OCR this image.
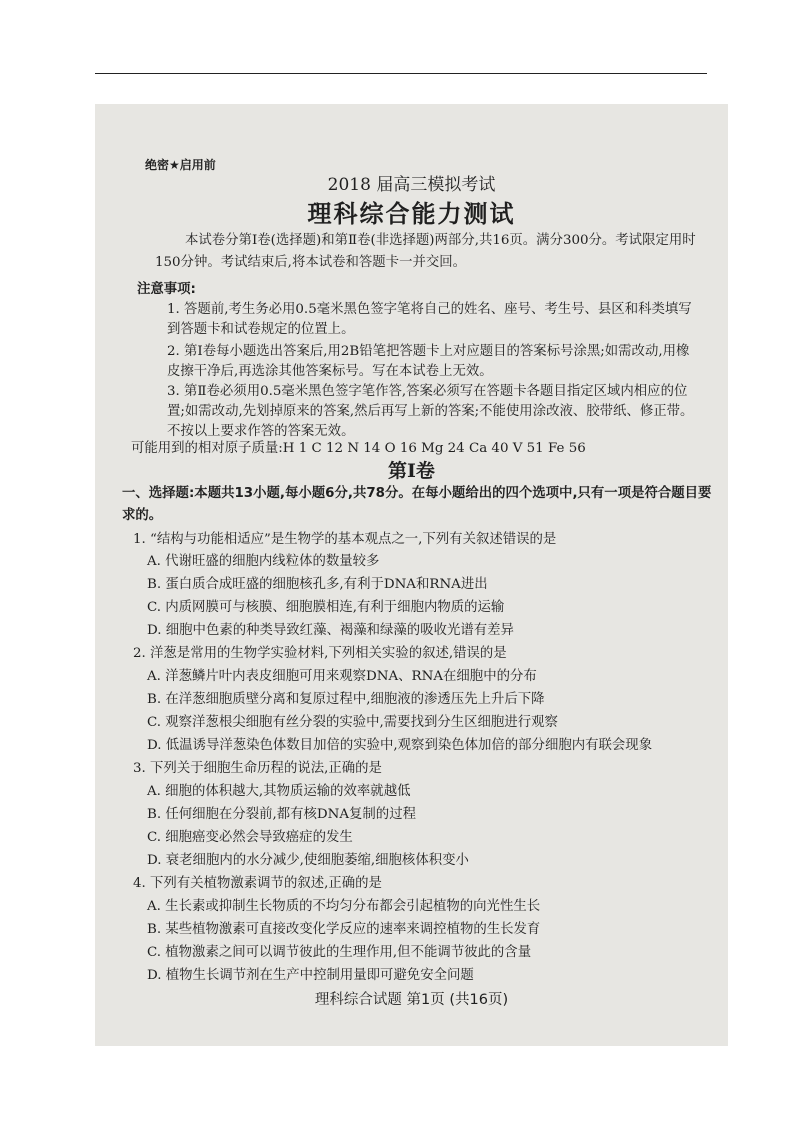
绝密★启用前
2018 届高三模拟考试
理科综合能力测试
本试卷分第Ⅰ卷(选择题)和第Ⅱ卷(非选择题)两部分,共16页。满分300分。考试限定用时150分钟。考试结束后,将本试卷和答题卡一并交回。
注意事项:
1. 答题前,考生务必用0.5毫米黑色签字笔将自己的姓名、座号、考生号、县区和科类填写到答题卡和试卷规定的位置上。
2. 第Ⅰ卷每小题选出答案后,用2B铅笔把答题卡上对应题目的答案标号涂黑;如需改动,用橡皮擦干净后,再选涂其他答案标号。写在本试卷上无效。
3. 第Ⅱ卷必须用0.5毫米黑色签字笔作答,答案必须写在答题卡各题目指定区域内相应的位置;如需改动,先划掉原来的答案,然后再写上新的答案;不能使用涂改液、胶带纸、修正带。不按以上要求作答的答案无效。
可能用到的相对原子质量:H 1 C 12 N 14 O 16 Mg 24 Ca 40 V 51 Fe 56
第Ⅰ卷
一、选择题:本题共13小题,每小题6分,共78分。在每小题给出的四个选项中,只有一项是符合题目要求的。
1. “结构与功能相适应”是生物学的基本观点之一,下列有关叙述错误的是
A. 代谢旺盛的细胞内线粒体的数量较多
B. 蛋白质合成旺盛的细胞核孔多,有利于DNA和RNA进出
C. 内质网膜可与核膜、细胞膜相连,有利于细胞内物质的运输
D. 细胞中色素的种类导致红藻、褐藻和绿藻的吸收光谱有差异
2. 洋葱是常用的生物学实验材料,下列相关实验的叙述,错误的是
A. 洋葱鳞片叶内表皮细胞可用来观察DNA、RNA在细胞中的分布
B. 在洋葱细胞质壁分离和复原过程中,细胞液的渗透压先上升后下降
C. 观察洋葱根尖细胞有丝分裂的实验中,需要找到分生区细胞进行观察
D. 低温诱导洋葱染色体数目加倍的实验中,观察到染色体加倍的部分细胞内有联会现象
3. 下列关于细胞生命历程的说法,正确的是
A. 细胞的体积越大,其物质运输的效率就越低
B. 任何细胞在分裂前,都有核DNA复制的过程
C. 细胞癌变必然会导致癌症的发生
D. 衰老细胞内的水分减少,使细胞萎缩,细胞核体积变小
4. 下列有关植物激素调节的叙述,正确的是
A. 生长素或抑制生长物质的不均匀分布都会引起植物的向光性生长
B. 某些植物激素可直接改变化学反应的速率来调控植物的生长发育
C. 植物激素之间可以调节彼此的生理作用,但不能调节彼此的含量
D. 植物生长调节剂在生产中控制用量即可避免安全问题
理科综合试题 第1页 (共16页)
